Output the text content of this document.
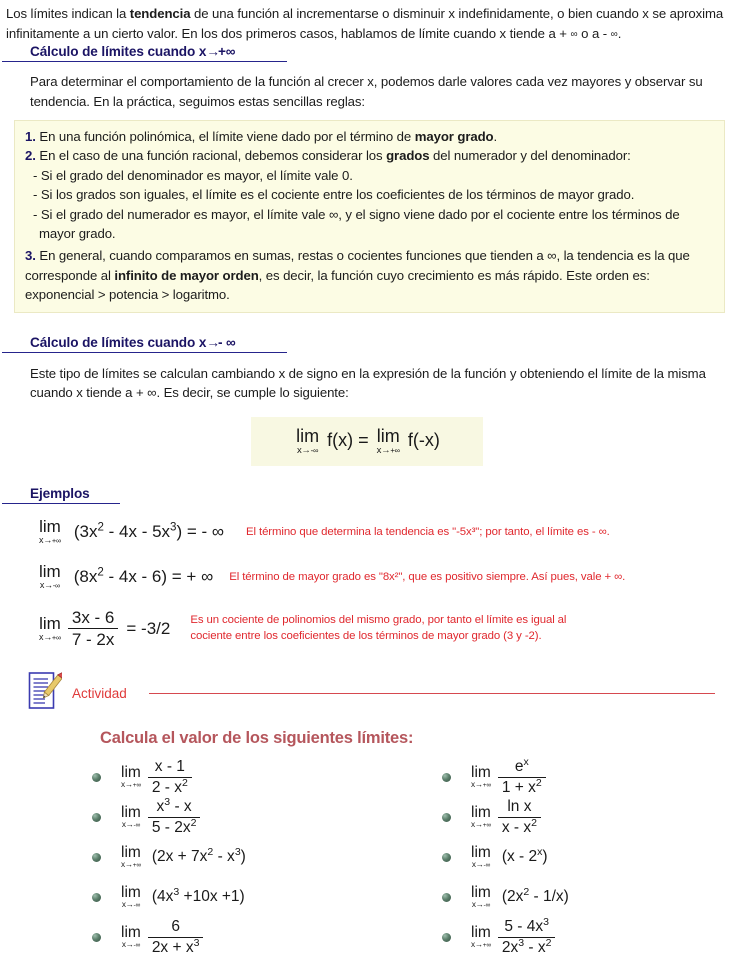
Los límites indican la tendencia de una función al incrementarse o disminuir x indefinidamente, o bien cuando x se aproxima infinitamente a un cierto valor. En los dos primeros casos, hablamos de límite cuando x tiende a + ∞ o a - ∞.

Cálculo de límites cuando x→+∞

Para determinar el comportamiento de la función al crecer x, podemos darle valores cada vez mayores y observar su tendencia. En la práctica, seguimos estas sencillas reglas:

1. En una función polinómica, el límite viene dado por el término de mayor grado.

2. En el caso de una función racional, debemos considerar los grados del numerador y del denominador:

- Si el grado del denominador es mayor, el límite vale 0.

- Si los grados son iguales, el límite es el cociente entre los coeficientes de los términos de mayor grado.

- Si el grado del numerador es mayor, el límite vale ∞, y el signo viene dado por el cociente entre los términos de mayor grado.

3. En general, cuando comparamos en sumas, restas o cocientes funciones que tienden a ∞, la tendencia es la que corresponde al infinito de mayor orden, es decir, la función cuyo crecimiento es más rápido. Este orden es: exponencial > potencia > logaritmo.

Cálculo de límites cuando x→- ∞

Este tipo de límites se calculan cambiando x de signo en la expresión de la función y obteniendo el límite de la misma cuando x tiende a + ∞. Es decir, se cumple lo siguiente:

lim
x→-∞
f(x) = lim
x→+∞
f(-x)
Ejemplos
lim
x→+∞ $(3x^2 - 4x - 5x^3)$ = - ∞ El término que determina la tendencia es "-5x³"; por tanto, el límite es - ∞.
lim
x→-∞ $(8x^2 - 4x - 6)$ = + ∞ El término de mayor grado es "8x²", que es positivo siempre. Así pues, vale + ∞.
lim
$x\to+\infty \frac{3x - 6}{7 - 2x} = -3/2$ Es un cociente de polinomios del mismo grado, por tanto el límite es igual al cociente entre los coeficientes de los términos de mayor grado (3 y -2).
Actividad
Calcula el valor de los siguientes límites:
lim
$x\to+\infty \frac{x - 1}{2 - x^2}$	lim
$x\to+\infty \frac{e^x}{1 + x^2}$
lim
$x\to-\infty \frac{x^3 - x}{5 - 2x^2}$	lim
$x\to+\infty \frac{\text{ln x}}{x - x^2}$
lim
x→+∞
$(2x + 7x^2 - x^3)$	lim
x→-∞
(x - 2$^x$)
lim
x→-∞
$(4x^3 +10x +1)$	lim
x→-∞
$(2x^2 - 1/x)$
lim
$x\to-\infty \frac{6}{2x + x^3}$	lim
$x\to+\infty \frac{5 - 4x^3}{2x^3 - x^2}$
